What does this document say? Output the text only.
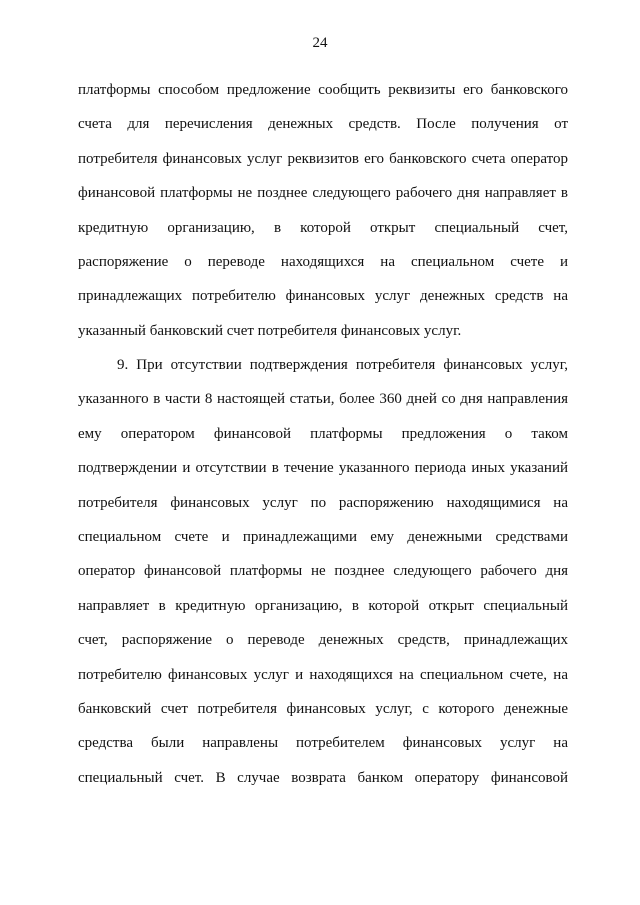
24
платформы способом предложение сообщить реквизиты его банковского
счета для перечисления денежных средств. После получения от
потребителя финансовых услуг реквизитов его банковского счета оператор
финансовой платформы не позднее следующего рабочего дня направляет в
кредитную организацию, в которой открыт специальный счет,
распоряжение о переводе находящихся на специальном счете и
принадлежащих потребителю финансовых услуг денежных средств на
указанный банковский счет потребителя финансовых услуг.
9. При отсутствии подтверждения потребителя финансовых услуг,
указанного в части 8 настоящей статьи, более 360 дней со дня направления
ему оператором финансовой платформы предложения о таком
подтверждении и отсутствии в течение указанного периода иных указаний
потребителя финансовых услуг по распоряжению находящимися на
специальном счете и принадлежащими ему денежными средствами
оператор финансовой платформы не позднее следующего рабочего дня
направляет в кредитную организацию, в которой открыт специальный
счет, распоряжение о переводе денежных средств, принадлежащих
потребителю финансовых услуг и находящихся на специальном счете, на
банковский счет потребителя финансовых услуг, с которого денежные
средства были направлены потребителем финансовых услуг на
специальный счет. В случае возврата банком оператору финансовой
